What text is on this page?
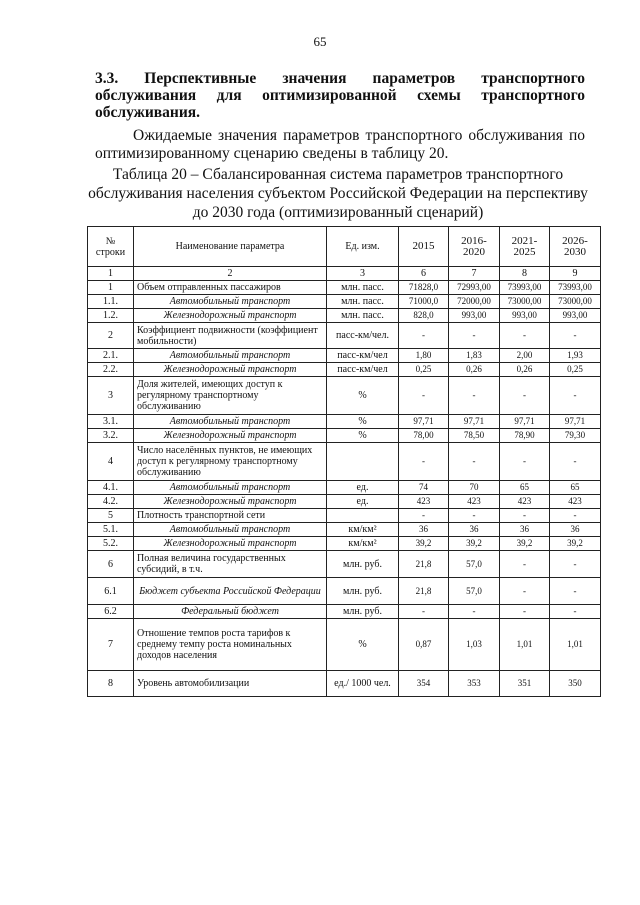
65
3.3. Перспективные значения параметров транспортного
обслуживания для оптимизированной схемы транспортного
обслуживания.
Ожидаемые значения параметров транспортного обслуживания по оптимизированному сценарию сведены в таблицу 20.
Таблица 20 – Сбалансированная система параметров транспортного обслуживания населения субъектом Российской Федерации на перспективу до 2030 года (оптимизированный сценарий)
№ строки	Наименование параметра	Ед. изм.	2015	2016-2020	2021-2025	2026-2030
1	2	3	6	7	8	9
1	Объем отправленных пассажиров	млн. пасс.	71828,0	72993,00	73993,00	73993,00
1.1.	Автомобильный транспорт	млн. пасс.	71000,0	72000,00	73000,00	73000,00
1.2.	Железнодорожный транспорт	млн. пасс.	828,0	993,00	993,00	993,00
2	Коэффициент подвижности (коэффициент мобильности)	пасс-км/чел.	-	-	-	-
2.1.	Автомобильный транспорт	пасс-км/чел	1,80	1,83	2,00	1,93
2.2.	Железнодорожный транспорт	пасс-км/чел	0,25	0,26	0,26	0,25
3	Доля жителей, имеющих доступ к регулярному транспортному обслуживанию	%	-	-	-	-
3.1.	Автомобильный транспорт	%	97,71	97,71	97,71	97,71
3.2.	Железнодорожный транспорт	%	78,00	78,50	78,90	79,30
4	Число населённых пунктов, не имеющих доступ к регулярному транспортному обслуживанию		-	-	-	-
4.1.	Автомобильный транспорт	ед.	74	70	65	65
4.2.	Железнодорожный транспорт	ед.	423	423	423	423
5	Плотность транспортной сети		-	-	-	-
5.1.	Автомобильный транспорт	км/км²	36	36	36	36
5.2.	Железнодорожный транспорт	км/км²	39,2	39,2	39,2	39,2
6	Полная величина государственных субсидий, в т.ч.	млн. руб.	21,8	57,0	-	-
6.1	Бюджет субъекта Российской Федерации	млн. руб.	21,8	57,0	-	-
6.2	Федеральный бюджет	млн. руб.	-	-	-	-
7	Отношение темпов роста тарифов к среднему темпу роста номинальных доходов населения	%	0,87	1,03	1,01	1,01
8	Уровень автомобилизации	ед./ 1000 чел.	354	353	351	350
